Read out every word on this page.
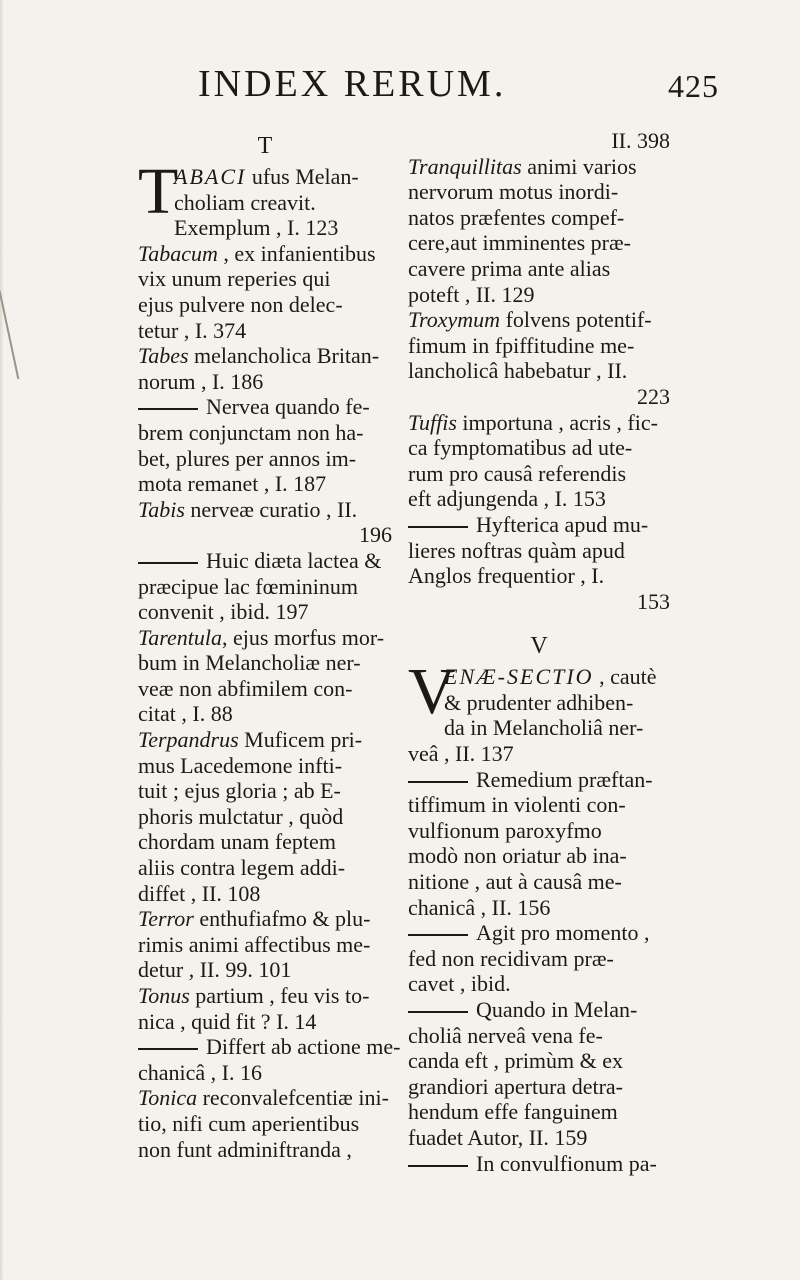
INDEX RERUM.	425
T
T
ABACI ufus Melan-
choliam creavit.
Exemplum , I. 123
Tabacum , ex infanientibus
vix unum reperies qui
ejus pulvere non delec-
tetur , I. 374
Tabes melancholica Britan-
norum , I. 186
Nervea quando fe-
brem conjunctam non ha-
bet, plures per annos im-
mota remanet , I. 187
Tabis nerveæ curatio , II.
196
Huic diæta lactea &
præcipue lac fœmininum
convenit , ibid. 197
Tarentula, ejus morfus mor-
bum in Melancholiæ ner-
veæ non abfimilem con-
citat , I. 88
Terpandrus Muficem pri-
mus Lacedemone infti-
tuit ; ejus gloria ; ab E-
phoris mulctatur , quòd
chordam unam feptem
aliis contra legem addi-
diffet , II. 108
Terror enthufiafmo & plu-
rimis animi affectibus me-
detur , II. 99. 101
Tonus partium , feu vis to-
nica , quid fit ? I. 14
Differt ab actione me-
chanicâ , I. 16
Tonica reconvalefcentiæ ini-
tio, nifi cum aperientibus
non funt adminiftranda ,
II. 398
Tranquillitas animi varios
nervorum motus inordi-
natos præfentes compef-
cere,aut imminentes præ-
cavere prima ante alias
poteft , II. 129
Troxymum folvens potentif-
fimum in fpiffitudine me-
lancholicâ habebatur , II.
223
Tuffis importuna , acris , fic-
ca fymptomatibus ad ute-
rum pro causâ referendis
eft adjungenda , I. 153
Hyfterica apud mu-
lieres noftras quàm apud
Anglos frequentior , I.
153
V
V
ENÆ-SECTIO , cautè
& prudenter adhiben-
da in Melancholiâ ner-
veâ , II. 137
Remedium præftan-
tiffimum in violenti con-
vulfionum paroxyfmo
modò non oriatur ab ina-
nitione , aut à causâ me-
chanicâ , II. 156
Agit pro momento ,
fed non recidivam præ-
cavet , ibid.
Quando in Melan-
choliâ nerveâ vena fe-
canda eft , primùm & ex
grandiori apertura detra-
hendum effe fanguinem
fuadet Autor, II. 159
In convulfionum pa-
